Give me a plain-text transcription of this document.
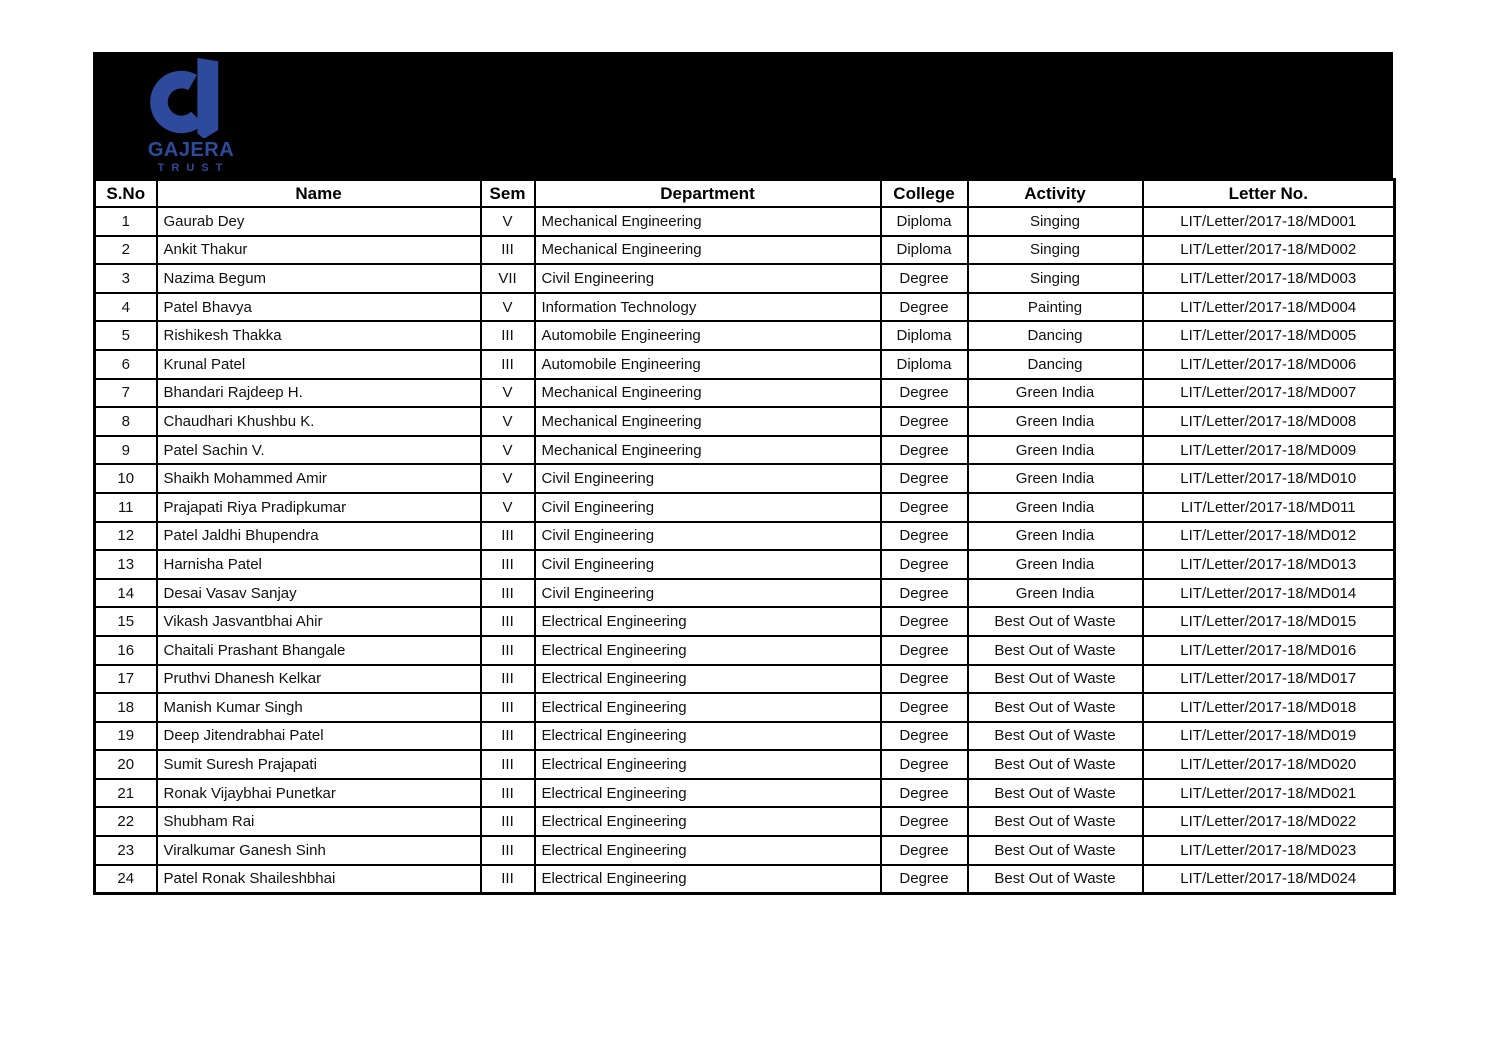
GAJERA
TRUST
S.No	Name	Sem	Department	College	Activity	Letter No.
1	Gaurab Dey	V	Mechanical Engineering	Diploma	Singing	LIT/Letter/2017-18/MD001
2	Ankit Thakur	III	Mechanical Engineering	Diploma	Singing	LIT/Letter/2017-18/MD002
3	Nazima Begum	VII	Civil Engineering	Degree	Singing	LIT/Letter/2017-18/MD003
4	Patel Bhavya	V	Information Technology	Degree	Painting	LIT/Letter/2017-18/MD004
5	Rishikesh Thakka	III	Automobile Engineering	Diploma	Dancing	LIT/Letter/2017-18/MD005
6	Krunal Patel	III	Automobile Engineering	Diploma	Dancing	LIT/Letter/2017-18/MD006
7	Bhandari Rajdeep H.	V	Mechanical Engineering	Degree	Green India	LIT/Letter/2017-18/MD007
8	Chaudhari Khushbu K.	V	Mechanical Engineering	Degree	Green India	LIT/Letter/2017-18/MD008
9	Patel Sachin V.	V	Mechanical Engineering	Degree	Green India	LIT/Letter/2017-18/MD009
10	Shaikh Mohammed Amir	V	Civil Engineering	Degree	Green India	LIT/Letter/2017-18/MD010
11	Prajapati Riya Pradipkumar	V	Civil Engineering	Degree	Green India	LIT/Letter/2017-18/MD011
12	Patel Jaldhi Bhupendra	III	Civil Engineering	Degree	Green India	LIT/Letter/2017-18/MD012
13	Harnisha Patel	III	Civil Engineering	Degree	Green India	LIT/Letter/2017-18/MD013
14	Desai Vasav Sanjay	III	Civil Engineering	Degree	Green India	LIT/Letter/2017-18/MD014
15	Vikash Jasvantbhai Ahir	III	Electrical Engineering	Degree	Best Out of Waste	LIT/Letter/2017-18/MD015
16	Chaitali Prashant Bhangale	III	Electrical Engineering	Degree	Best Out of Waste	LIT/Letter/2017-18/MD016
17	Pruthvi Dhanesh Kelkar	III	Electrical Engineering	Degree	Best Out of Waste	LIT/Letter/2017-18/MD017
18	Manish Kumar Singh	III	Electrical Engineering	Degree	Best Out of Waste	LIT/Letter/2017-18/MD018
19	Deep Jitendrabhai Patel	III	Electrical Engineering	Degree	Best Out of Waste	LIT/Letter/2017-18/MD019
20	Sumit Suresh Prajapati	III	Electrical Engineering	Degree	Best Out of Waste	LIT/Letter/2017-18/MD020
21	Ronak Vijaybhai Punetkar	III	Electrical Engineering	Degree	Best Out of Waste	LIT/Letter/2017-18/MD021
22	Shubham Rai	III	Electrical Engineering	Degree	Best Out of Waste	LIT/Letter/2017-18/MD022
23	Viralkumar Ganesh Sinh	III	Electrical Engineering	Degree	Best Out of Waste	LIT/Letter/2017-18/MD023
24	Patel Ronak Shaileshbhai	III	Electrical Engineering	Degree	Best Out of Waste	LIT/Letter/2017-18/MD024
